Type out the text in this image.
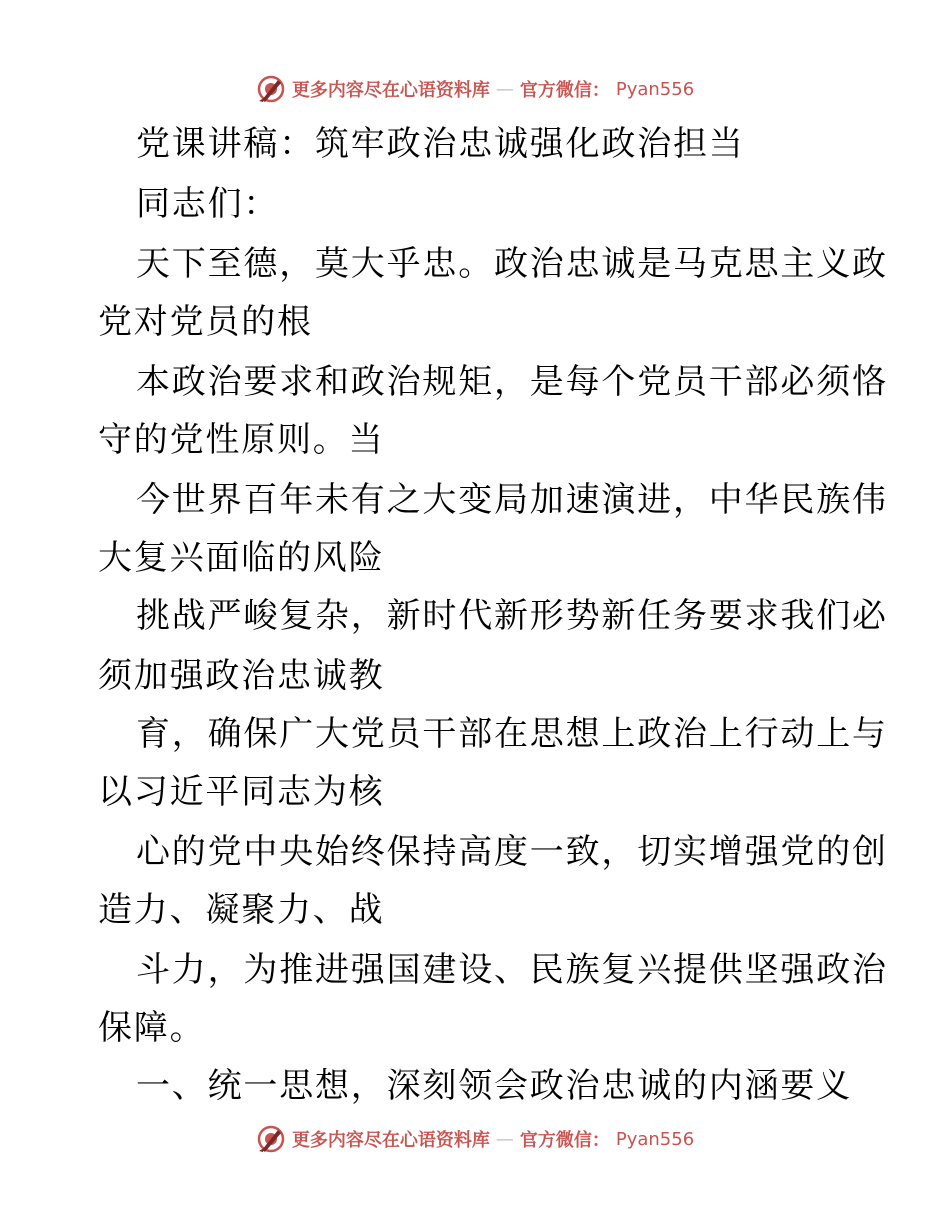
更多内容尽在心语资料库 — 官方微信： Pyan556
党课讲稿：筑牢政治忠诚强化政治担当
同志们：
天下至德，莫大乎忠。政治忠诚是马克思主义政
党对党员的根
本政治要求和政治规矩，是每个党员干部必须恪
守的党性原则。当
今世界百年未有之大变局加速演进，中华民族伟
大复兴面临的风险
挑战严峻复杂，新时代新形势新任务要求我们必
须加强政治忠诚教
育，确保广大党员干部在思想上政治上行动上与
以习近平同志为核
心的党中央始终保持高度一致，切实增强党的创
造力、凝聚力、战
斗力，为推进强国建设、民族复兴提供坚强政治
保障。
一、统一思想，深刻领会政治忠诚的内涵要义
更多内容尽在心语资料库 — 官方微信： Pyan556
